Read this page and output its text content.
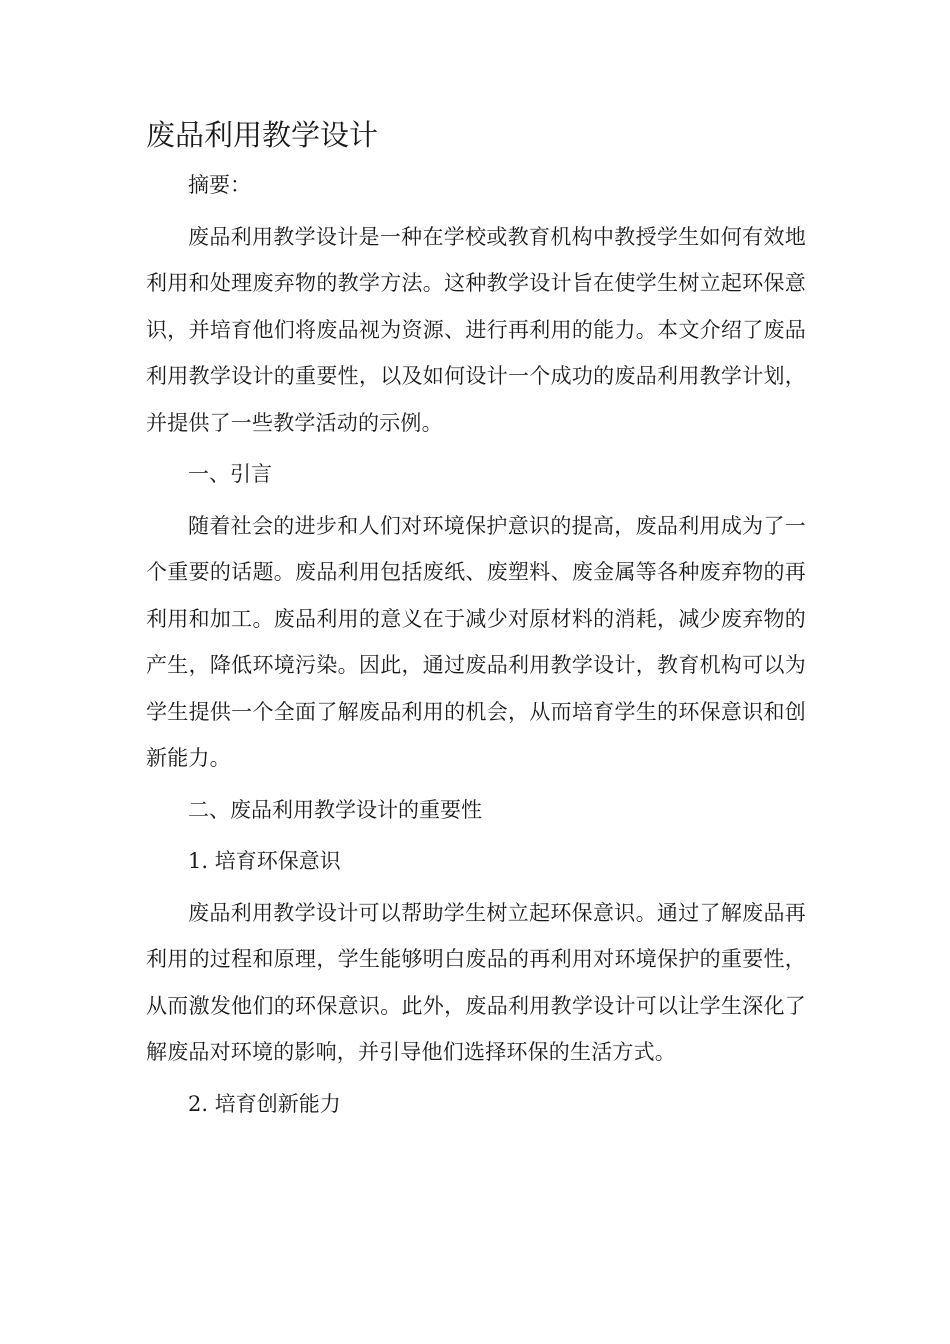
废品利用教学设计

摘要：

废品利用教学设计是一种在学校或教育机构中教授学生如何有效地利用和处理废弃物的教学方法。这种教学设计旨在使学生树立起环保意识，并培育他们将废品视为资源、进行再利用的能力。本文介绍了废品利用教学设计的重要性，以及如何设计一个成功的废品利用教学计划，并提供了一些教学活动的示例。

一、引言

随着社会的进步和人们对环境保护意识的提高，废品利用成为了一个重要的话题。废品利用包括废纸、废塑料、废金属等各种废弃物的再利用和加工。废品利用的意义在于减少对原材料的消耗，减少废弃物的产生，降低环境污染。因此，通过废品利用教学设计，教育机构可以为学生提供一个全面了解废品利用的机会，从而培育学生的环保意识和创新能力。

二、废品利用教学设计的重要性

1. 培育环保意识

废品利用教学设计可以帮助学生树立起环保意识。通过了解废品再利用的过程和原理，学生能够明白废品的再利用对环境保护的重要性，从而激发他们的环保意识。此外，废品利用教学设计可以让学生深化了解废品对环境的影响，并引导他们选择环保的生活方式。

2. 培育创新能力
